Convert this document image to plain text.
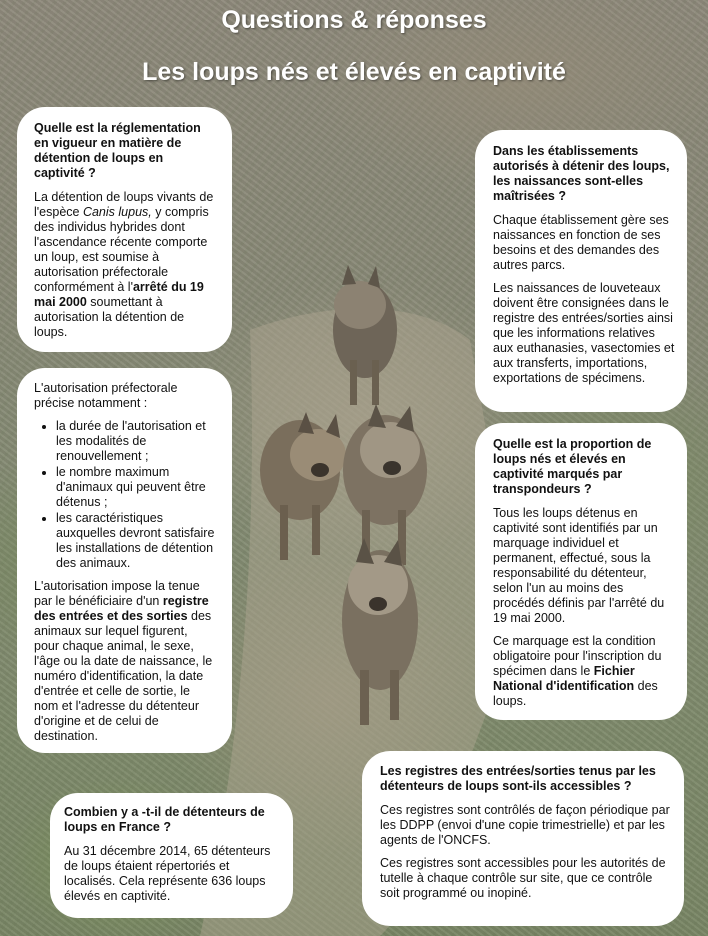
Questions & réponses
Les loups nés et élevés en captivité
Quelle est la réglementation en vigueur en matière de détention de loups en captivité ?

La détention de loups vivants de l'espèce Canis lupus, y compris des individus hybrides dont l'ascendance récente comporte un loup, est soumise à autorisation préfectorale conformément à l'arrêté du 19 mai 2000 soumettant à autorisation la détention de loups.

L'autorisation préfectorale précise notamment :

• la durée de l'autorisation et les modalités de renouvellement ;
• le nombre maximum d'animaux qui peuvent être détenus ;
• les caractéristiques auxquelles devront satisfaire les installations de détention des animaux.

L'autorisation impose la tenue par le bénéficiaire d'un registre des entrées et des sorties des animaux sur lequel figurent, pour chaque animal, le sexe, l'âge ou la date de naissance, le numéro d'identification, la date d'entrée et celle de sortie, le nom et l'adresse du détenteur d'origine et de celui de destination.

Combien y a -t-il de détenteurs de loups en France ?

Au 31 décembre 2014, 65 détenteurs de loups étaient répertoriés et localisés. Cela représente 636 loups élevés en captivité.

Dans les établissements autorisés à détenir des loups, les naissances sont-elles maîtrisées ?

Chaque établissement gère ses naissances en fonction de ses besoins et des demandes des autres parcs.

Les naissances de louveteaux doivent être consignées dans le registre des entrées/sorties ainsi que les informations relatives aux euthanasies, vasectomies et aux transferts, importations, exportations de spécimens.

Quelle est la proportion de loups nés et élevés en captivité marqués par transpondeurs ?

Tous les loups détenus en captivité sont identifiés par un marquage individuel et permanent, effectué, sous la responsabilité du détenteur, selon l'un au moins des procédés définis par l'arrêté du 19 mai 2000.

Ce marquage est la condition obligatoire pour l'inscription du spécimen dans le Fichier National d'identification des loups.

Les registres des entrées/sorties tenus par les détenteurs de loups sont-ils accessibles ?

Ces registres sont contrôlés de façon périodique par les DDPP (envoi d'une copie trimestrielle) et par les agents de l'ONCFS.

Ces registres sont accessibles pour les autorités de tutelle à chaque contrôle sur site, que ce contrôle soit programmé ou inopiné.
